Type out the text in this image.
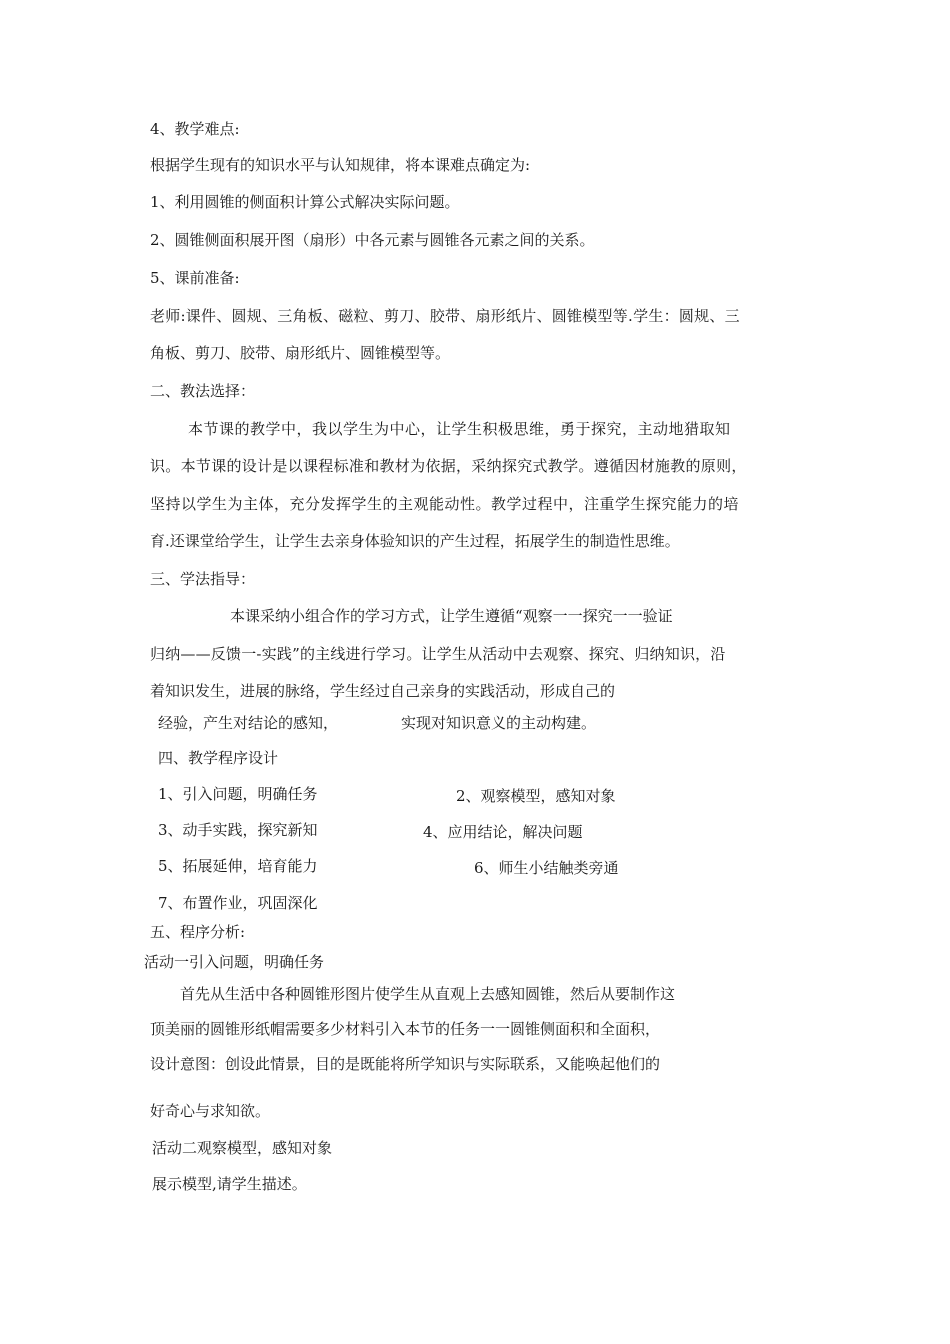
4、教学难点:
根据学生现有的知识水平与认知规律，将本课难点确定为:
1、利用圆锥的侧面积计算公式解决实际问题。
2、圆锥侧面积展开图（扇形）中各元素与圆锥各元素之间的关系。
5、课前准备:
老师:课件、圆规、三角板、磁粒、剪刀、胶带、扇形纸片、圆锥模型等.学生：圆规、三
角板、剪刀、胶带、扇形纸片、圆锥模型等。
二、教法选择：
本节课的教学中，我以学生为中心，让学生积极思维，勇于探究，主动地猎取知
识。本节课的设计是以课程标准和教材为依据，采纳探究式教学。遵循因材施教的原则，
坚持以学生为主体，充分发挥学生的主观能动性。教学过程中，注重学生探究能力的培
育.还课堂给学生，让学生去亲身体验知识的产生过程，拓展学生的制造性思维。
三、学法指导：
本课采纳小组合作的学习方式，让学生遵循“观察一一探究一一验证
归纳——反馈一-实践”的主线进行学习。让学生从活动中去观察、探究、归纳知识，沿
着知识发生，进展的脉络，学生经过自己亲身的实践活动，形成自己的
经验，产生对结论的感知，	实现对知识意义的主动构建。
四、教学程序设计
1、引入问题，明确任务	2、观察模型，感知对象
3、动手实践，探究新知	4、应用结论，解决问题
5、拓展延伸，培育能力	6、师生小结触类旁通
7、布置作业，巩固深化
五、程序分析:
活动一引入问题，明确任务
首先从生活中各种圆锥形图片使学生从直观上去感知圆锥，然后从要制作这
顶美丽的圆锥形纸帽需要多少材料引入本节的任务一一圆锥侧面积和全面积，
设计意图：创设此情景，目的是既能将所学知识与实际联系，又能唤起他们的
好奇心与求知欲。
活动二观察模型，感知对象
展示模型,请学生描述。
